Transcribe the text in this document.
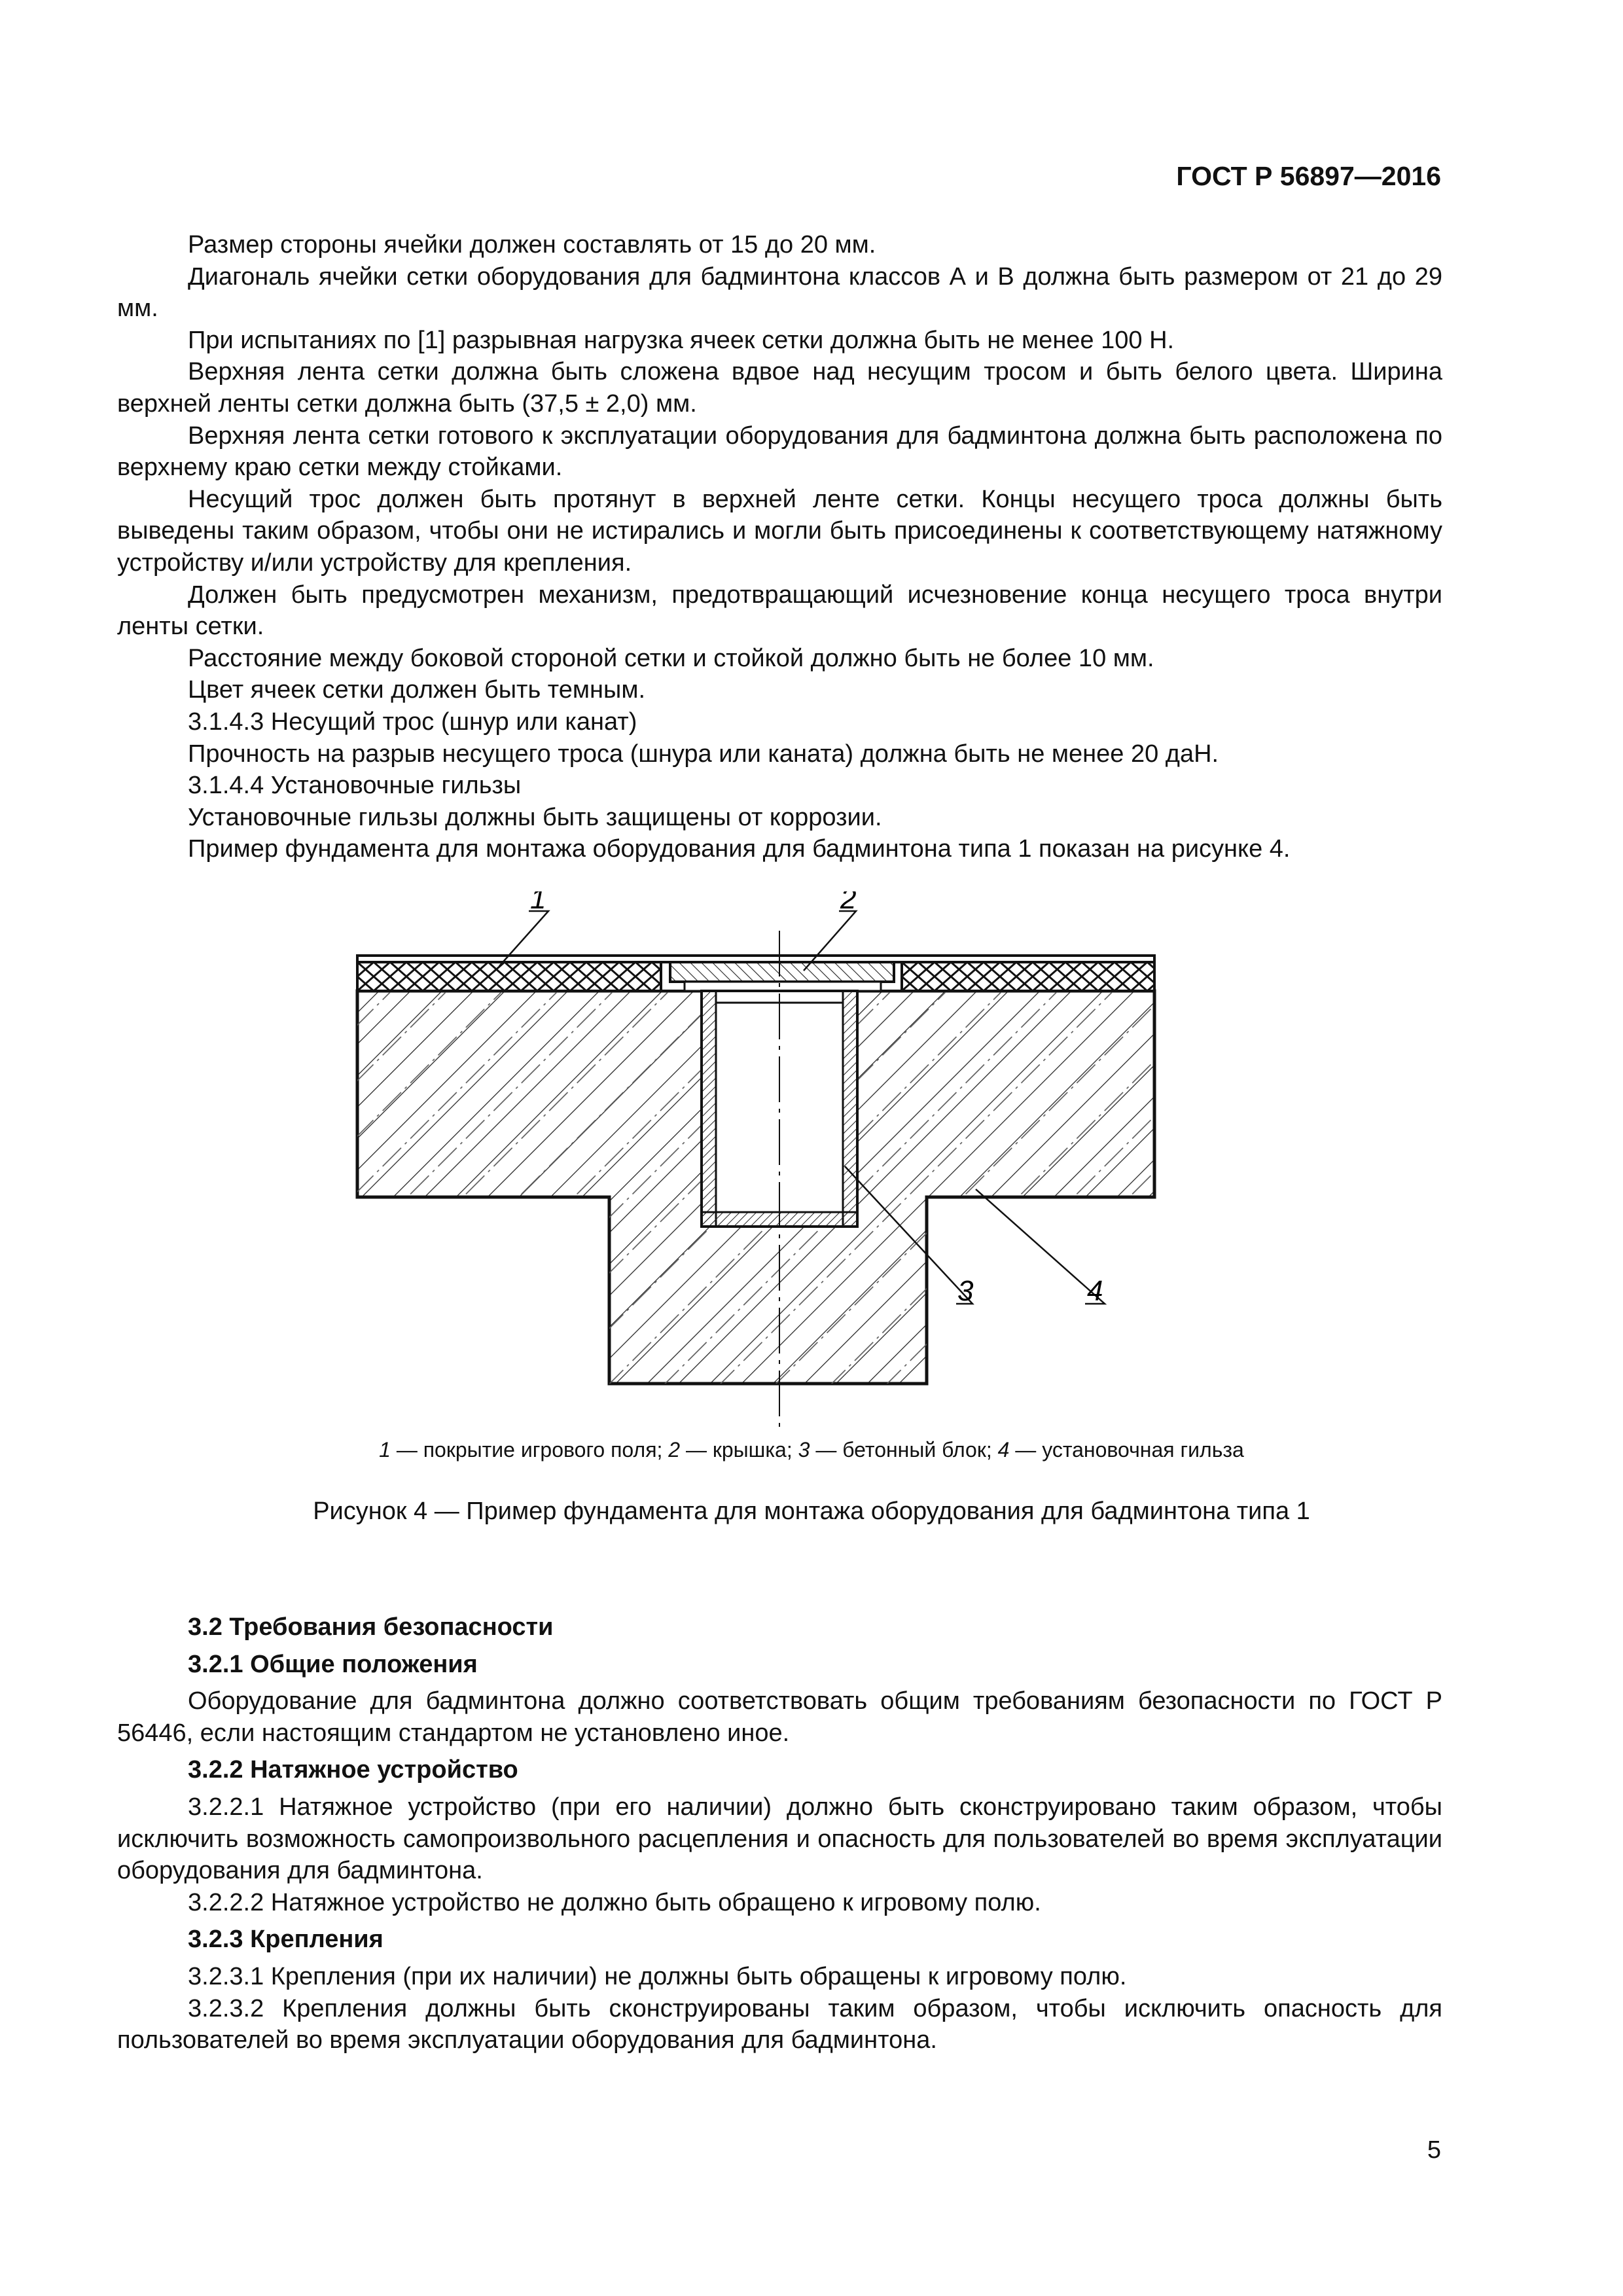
ГОСТ Р 56897—2016

Размер стороны ячейки должен составлять от 15 до 20 мм.

Диагональ ячейки сетки оборудования для бадминтона классов А и В должна быть размером от 21 до 29 мм.

При испытаниях по [1] разрывная нагрузка ячеек сетки должна быть не менее 100 Н.

Верхняя лента сетки должна быть сложена вдвое над несущим тросом и быть белого цвета. Ширина верхней ленты сетки должна быть (37,5 ± 2,0) мм.

Верхняя лента сетки готового к эксплуатации оборудования для бадминтона должна быть расположена по верхнему краю сетки между стойками.

Несущий трос должен быть протянут в верхней ленте сетки. Концы несущего троса должны быть выведены таким образом, чтобы они не истирались и могли быть присоединены к соответствующему натяжному устройству и/или устройству для крепления.

Должен быть предусмотрен механизм, предотвращающий исчезновение конца несущего троса внутри ленты сетки.

Расстояние между боковой стороной сетки и стойкой должно быть не более 10 мм.

Цвет ячеек сетки должен быть темным.

3.1.4.3 Несущий трос (шнур или канат)

Прочность на разрыв несущего троса (шнура или каната) должна быть не менее 20 даН.

3.1.4.4 Установочные гильзы

Установочные гильзы должны быть защищены от коррозии.

Пример фундамента для монтажа оборудования для бадминтона типа 1 показан на рисунке 4.

1	2
3	4
1 — покрытие игрового поля; 2 — крышка; 3 — бетонный блок; 4 — установочная гильза
Рисунок 4 — Пример фундамента для монтажа оборудования для бадминтона типа 1
3.2 Требования безопасности
3.2.1 Общие положения

Оборудование для бадминтона должно соответствовать общим требованиям безопасности по ГОСТ Р 56446, если настоящим стандартом не установлено иное.

3.2.2 Натяжное устройство

3.2.2.1 Натяжное устройство (при его наличии) должно быть сконструировано таким образом, чтобы исключить возможность самопроизвольного расцепления и опасность для пользователей во время эксплуатации оборудования для бадминтона.

3.2.2.2 Натяжное устройство не должно быть обращено к игровому полю.

3.2.3 Крепления

3.2.3.1 Крепления (при их наличии) не должны быть обращены к игровому полю.

3.2.3.2 Крепления должны быть сконструированы таким образом, чтобы исключить опасность для пользователей во время эксплуатации оборудования для бадминтона.

5
